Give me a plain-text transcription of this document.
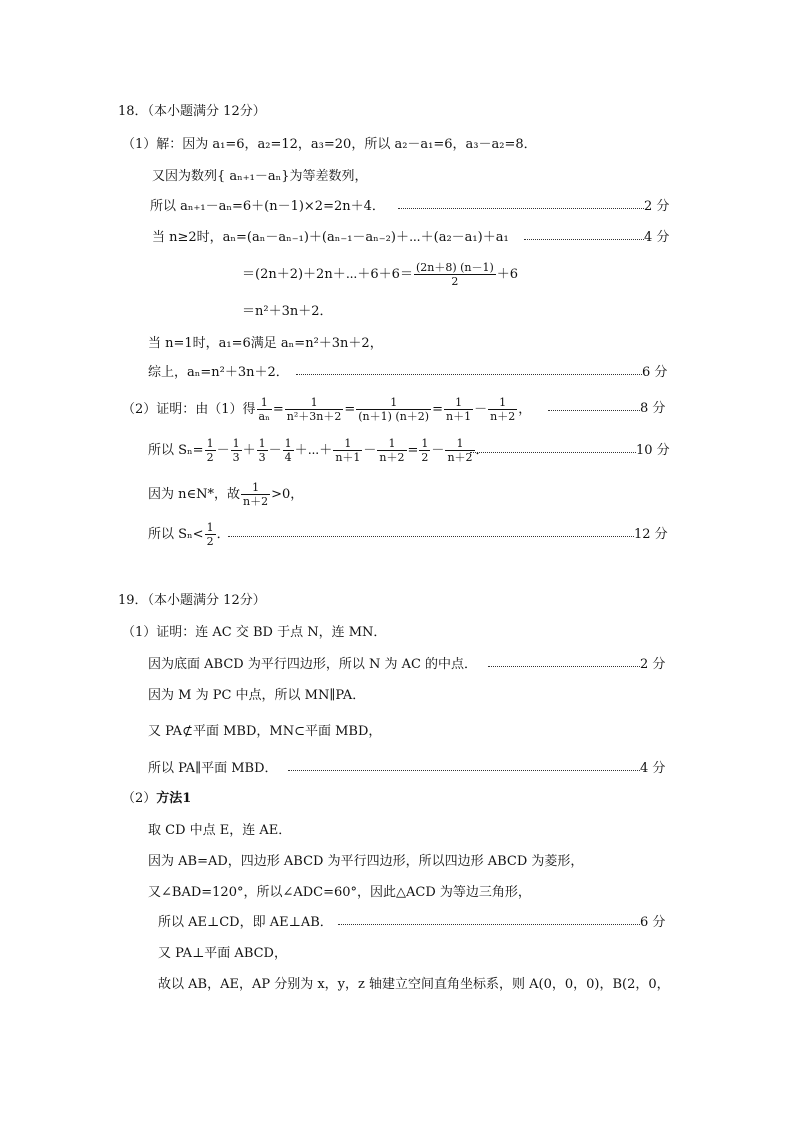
18．（本小题满分 12分）
（1）解：因为 a₁=6，a₂=12，a₃=20，所以 a₂－a₁=6，a₃－a₂=8．
又因为数列{ aₙ₊₁－aₙ}为等差数列，
所以 aₙ₊₁－aₙ=6＋(n－1)×2=2n＋4．	2 分
当 n≥2时，aₙ=(aₙ－aₙ₋₁)＋(aₙ₋₁－aₙ₋₂)＋⋯＋(a₂－a₁)＋a₁	4 分
＝(2n＋2)＋2n＋⋯＋6＋6＝ $\frac{(2n+8) (n-1)}{2} +6$
＝n²＋3n＋2．
当 n=1时，a₁=6满足 aₙ=n²＋3n＋2，
综上，aₙ=n²＋3n＋2．	6 分
（2）证明：由（1）得 $\frac{1}{\text{aₙ}} = \frac{1}{\text{n²＋3n＋2}} = \frac{1}{(n+1) (n+2)} = \frac{1}{n+1} - \frac{1}{n+2}$ ，	8 分
所以 $S_n= \frac{1}{2} - \frac{1}{3} + \frac{1}{3} - \frac{1}{4}$ ＋⋯＋ $\frac{1}{n+1} - \frac{1}{n+2} = \frac{1}{2} - \frac{1}{n+2}$ ．	10 分
因为 n∈N*，故 $\frac{1}{n+2} >0$，
所以 $S_n< \frac{1}{2}$ ．	12 分
19．（本小题满分 12分）
（1）证明：连 AC 交 BD 于点 N，连 MN．
因为底面 ABCD 为平行四边形，所以 N 为 AC 的中点．	2 分
因为 M 为 PC 中点，所以 MN∥PA．
又 PA⊄平面 MBD，MN⊂平面 MBD，
所以 PA∥平面 MBD．	4 分
（2）方法1
取 CD 中点 E，连 AE．
因为 AB=AD，四边形 ABCD 为平行四边形，所以四边形 ABCD 为菱形，
又∠BAD=120°，所以∠ADC=60°，因此△ACD 为等边三角形，
所以 AE⊥CD，即 AE⊥AB．	6 分
又 PA⊥平面 ABCD，
故以 AB，AE，AP 分别为 x，y，z 轴建立空间直角坐标系，则 A(0，0，0)，B(2，0，
